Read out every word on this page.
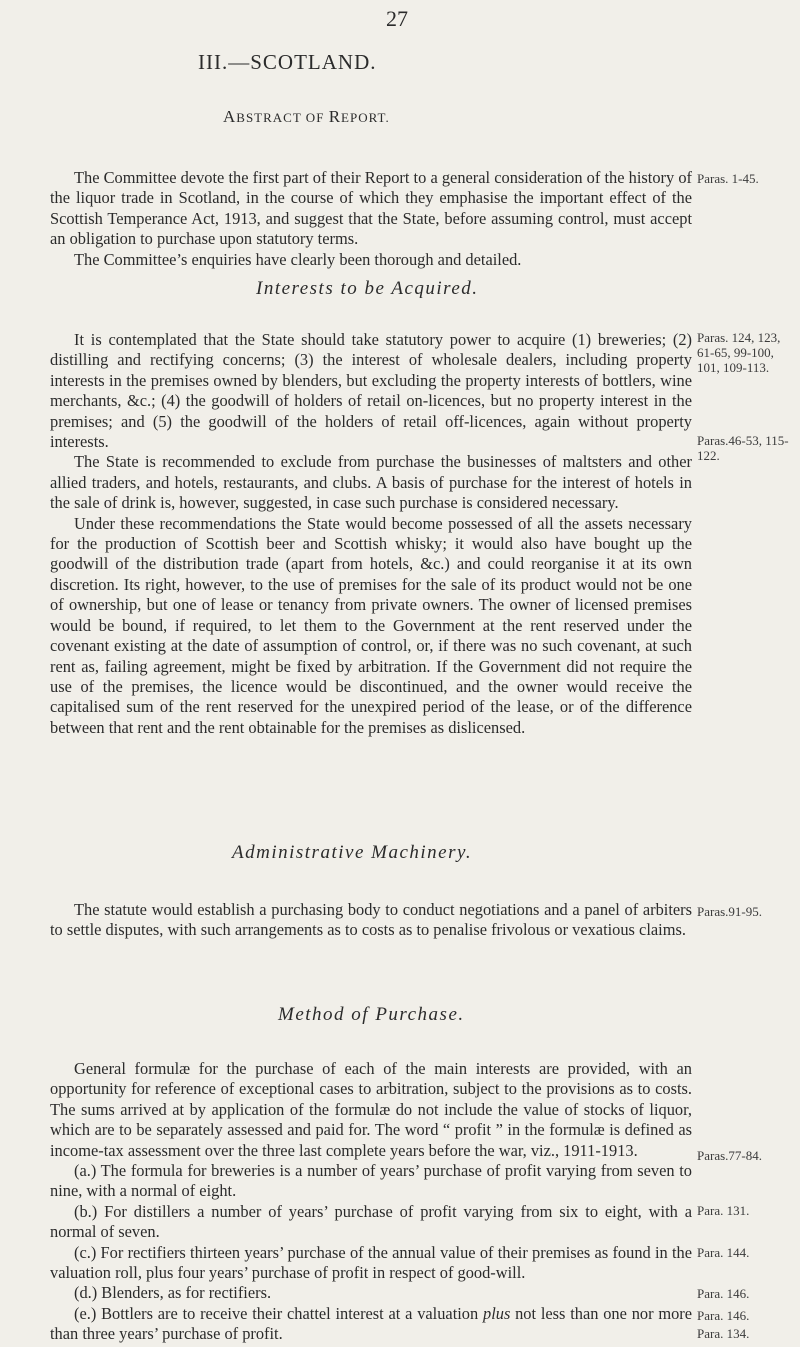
27
III.—SCOTLAND.
ABSTRACT OF REPORT.

The Committee devote the first part of their Report to a general consideration of the history of the liquor trade in Scotland, in the course of which they emphasise the important effect of the Scottish Temperance Act, 1913, and suggest that the State, before assuming control, must accept an obligation to purchase upon statutory terms.

The Committee’s enquiries have clearly been thorough and detailed.

Paras. 1-45.
Interests to be Acquired.

It is contemplated that the State should take statutory power to acquire (1) breweries; (2) distilling and rectifying concerns; (3) the interest of wholesale dealers, including property interests in the premises owned by blenders, but excluding the property interests of bottlers, wine merchants, &c.; (4) the goodwill of holders of retail on-licences, but no property interest in the premises; and (5) the goodwill of the holders of retail off-licences, again without property interests.

The State is recommended to exclude from purchase the businesses of maltsters and other allied traders, and hotels, restaurants, and clubs. A basis of purchase for the interest of hotels in the sale of drink is, however, suggested, in case such purchase is considered necessary.

Under these recommendations the State would become possessed of all the assets necessary for the production of Scottish beer and Scottish whisky; it would also have bought up the goodwill of the distribution trade (apart from hotels, &c.) and could reorganise it at its own discretion. Its right, however, to the use of premises for the sale of its product would not be one of ownership, but one of lease or tenancy from private owners. The owner of licensed premises would be bound, if required, to let them to the Government at the rent reserved under the covenant existing at the date of assumption of control, or, if there was no such covenant, at such rent as, failing agreement, might be fixed by arbitration. If the Government did not require the use of the premises, the licence would be discontinued, and the owner would receive the capitalised sum of the rent reserved for the unexpired period of the lease, or of the difference between that rent and the rent obtainable for the premises as dislicensed.

Paras. 124, 123, 61-65, 99-100, 101, 109-113.
Paras.46-53, 115-122.
Administrative Machinery.

The statute would establish a purchasing body to conduct negotiations and a panel of arbiters to settle disputes, with such arrangements as to costs as to penalise frivolous or vexatious claims.

Paras.91-95.
Method of Purchase.

General formulæ for the purchase of each of the main interests are provided, with an opportunity for reference of exceptional cases to arbitration, subject to the provisions as to costs. The sums arrived at by application of the formulæ do not include the value of stocks of liquor, which are to be separately assessed and paid for. The word “ profit ” in the formulæ is defined as income-tax assessment over the three last complete years before the war, viz., 1911-1913.

(a.) The formula for breweries is a number of years’ purchase of profit varying from seven to nine, with a normal of eight.

(b.) For distillers a number of years’ purchase of profit varying from six to eight, with a normal of seven.

(c.) For rectifiers thirteen years’ purchase of the annual value of their premises as found in the valuation roll, plus four years’ purchase of profit in respect of good-will.

(d.) Blenders, as for rectifiers.

(e.) Bottlers are to receive their chattel interest at a valuation plus not less than one nor more than three years’ purchase of profit.

Paras.77-84.
Para. 131.
Para. 144.
Para. 146.
Para. 146.
Para. 134.
